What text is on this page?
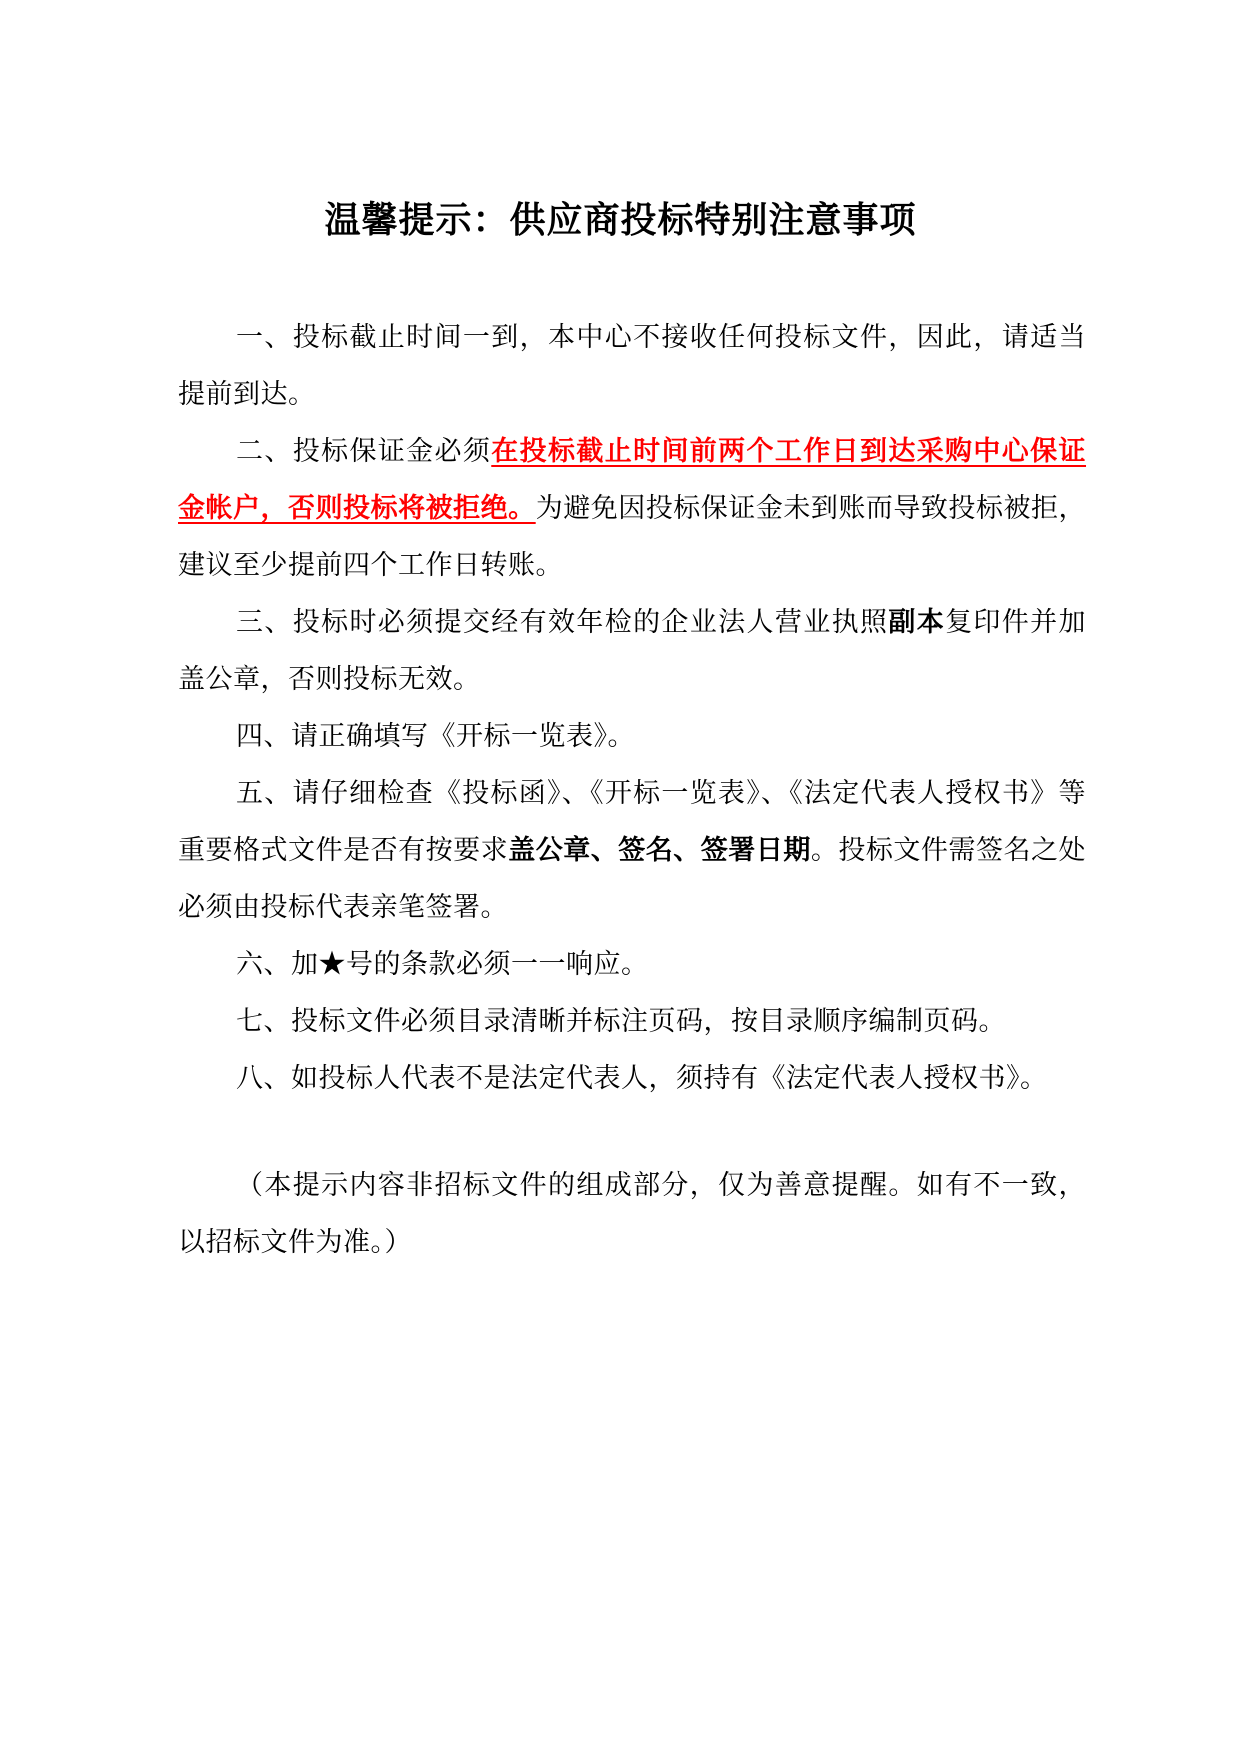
温馨提示：供应商投标特别注意事项

一、投标截止时间一到，本中心不接收任何投标文件，因此，请适当提前到达。

二、投标保证金必须在投标截止时间前两个工作日到达采购中心保证金帐户，否则投标将被拒绝。为避免因投标保证金未到账而导致投标被拒，建议至少提前四个工作日转账。

三、投标时必须提交经有效年检的企业法人营业执照副本复印件并加盖公章，否则投标无效。

四、请正确填写《开标一览表》。

五、请仔细检查《投标函》、《开标一览表》、《法定代表人授权书》等重要格式文件是否有按要求盖公章、签名、签署日期。投标文件需签名之处必须由投标代表亲笔签署。

六、加★号的条款必须一一响应。

七、投标文件必须目录清晰并标注页码，按目录顺序编制页码。

八、如投标人代表不是法定代表人，须持有《法定代表人授权书》。

（本提示内容非招标文件的组成部分，仅为善意提醒。如有不一致，以招标文件为准。）
